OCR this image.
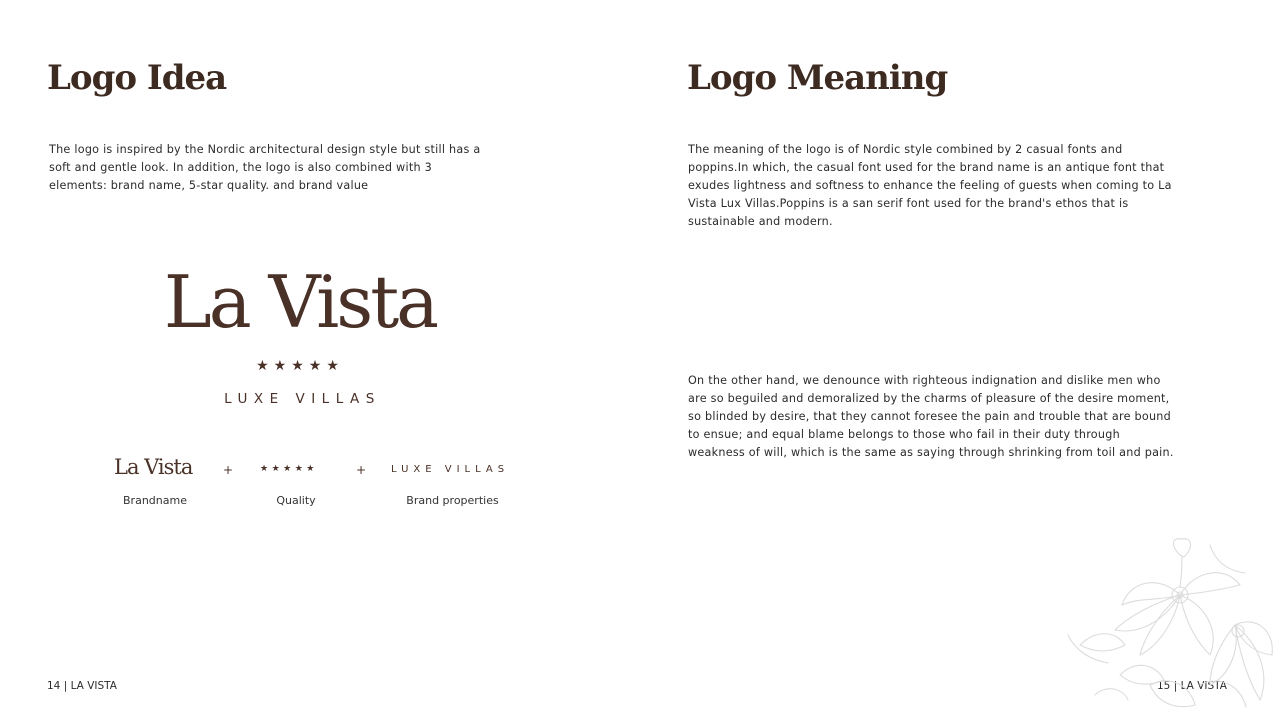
Logo Idea

The logo is inspired by the Nordic architectural design style but still has a soft and gentle look. In addition, the logo is also combined with 3 elements: brand name, 5-star quality. and brand value

La Vista
★★★★★
LUXE VILLAS
La Vista	+	★★★★★	+ LUXE VILLAS
Brandname	Quality	Brand properties
14 | LA VISTA
Logo Meaning

The meaning of the logo is of Nordic style combined by 2 casual fonts and poppins.In which, the casual font used for the brand name is an antique font that exudes lightness and softness to enhance the feeling of guests when coming to La Vista Lux Villas.Poppins is a san serif font used for the brand's ethos that is sustainable and modern.

On the other hand, we denounce with righteous indignation and dislike men who are so beguiled and demoralized by the charms of pleasure of the desire moment, so blinded by desire, that they cannot foresee the pain and trouble that are bound to ensue; and equal blame belongs to those who fail in their duty through weakness of will, which is the same as saying through shrinking from toil and pain.

15 | LA VISTA
